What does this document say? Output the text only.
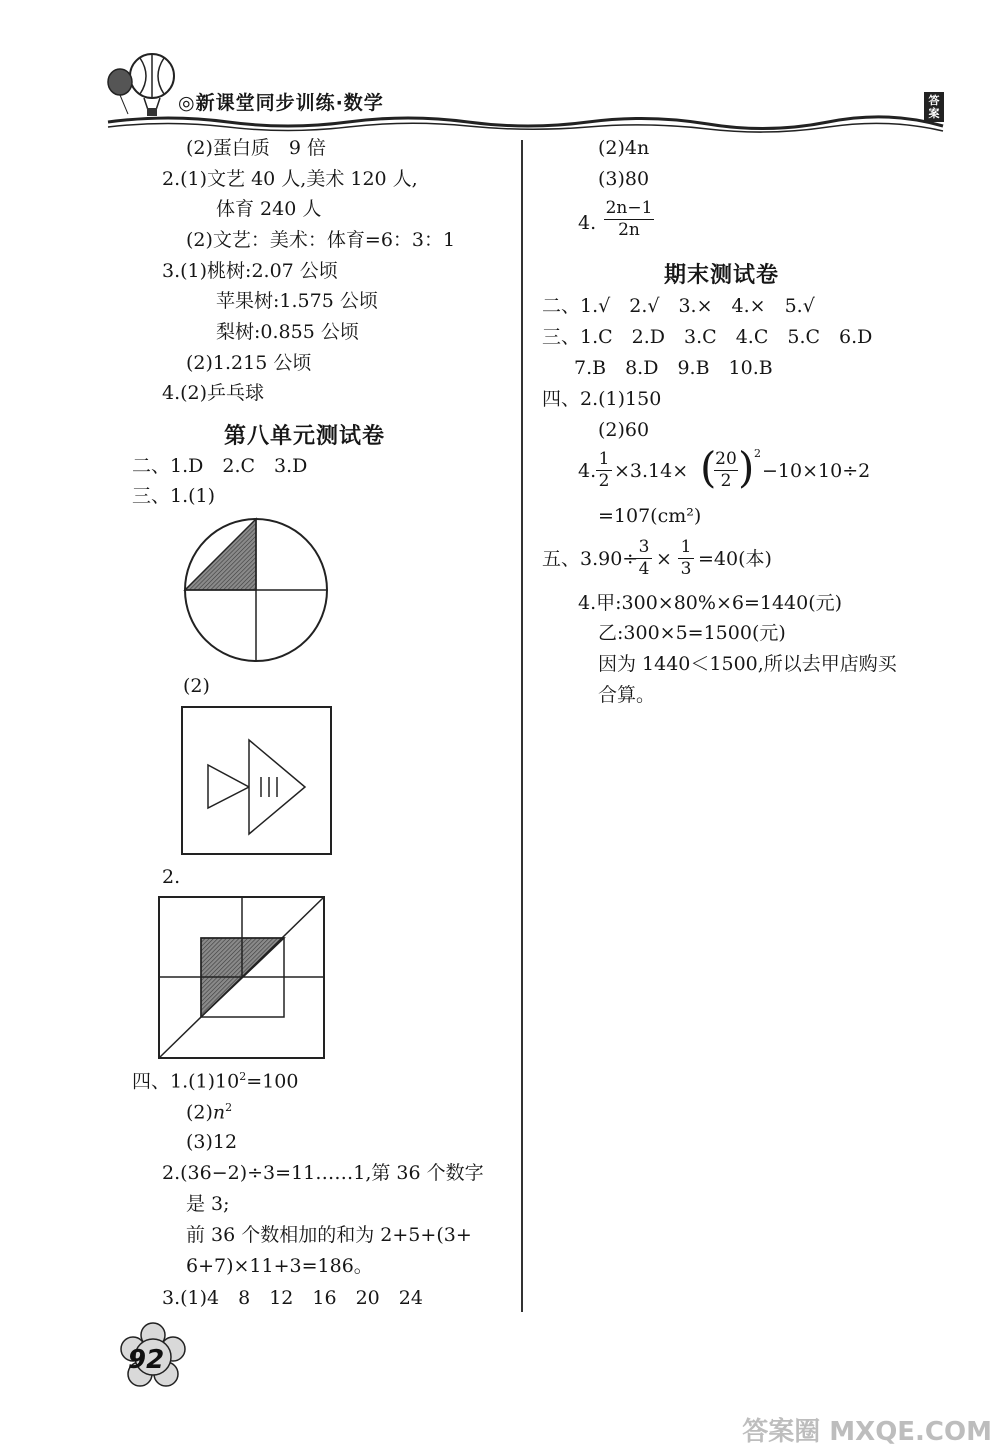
◎新课堂同步训练·数学	答案
(2)蛋白质　9 倍
2.(1)文艺 40 人,美术 120 人,
体育 240 人
(2)文艺：美术：体育=6：3：1
3.(1)桃树:2.07 公顷
苹果树:1.575 公顷
梨树:0.855 公顷
(2)1.215 公顷
4.(2)乒乓球
第八单元测试卷
二、1.D　2.C　3.D
三、1.(1)
(2)
2.
四、$1.(1)10^2=100$
$(2)n^2$
(3)12
2.(36−2)÷3=11……1,第 36 个数字
是 3;
前 36 个数相加的和为 2+5+(3+
6+7)×11+3=186。
3.(1)4　8　12　16　20　24
(2)4n
(3)80
4.
2n−1
2n
期末测试卷
二、1.√　2.√　3.×　4.×　5.√
三、1.C　2.D　3.C　4.C　5.C　6.D
7.B　8.D　9.B　10.B
四、2.(1)150
(2)60
4.
1
2 ×3.14× (
20
2 ) 2
−10×10÷2
=107(cm²)
五、3.90÷
3
4 ×
1
3 =40(本)
4.甲:300×80%×6=1440(元)
乙:300×5=1500(元)
因为 1440＜1500,所以去甲店购买
合算。
92
答案圈 MXQE.COM
